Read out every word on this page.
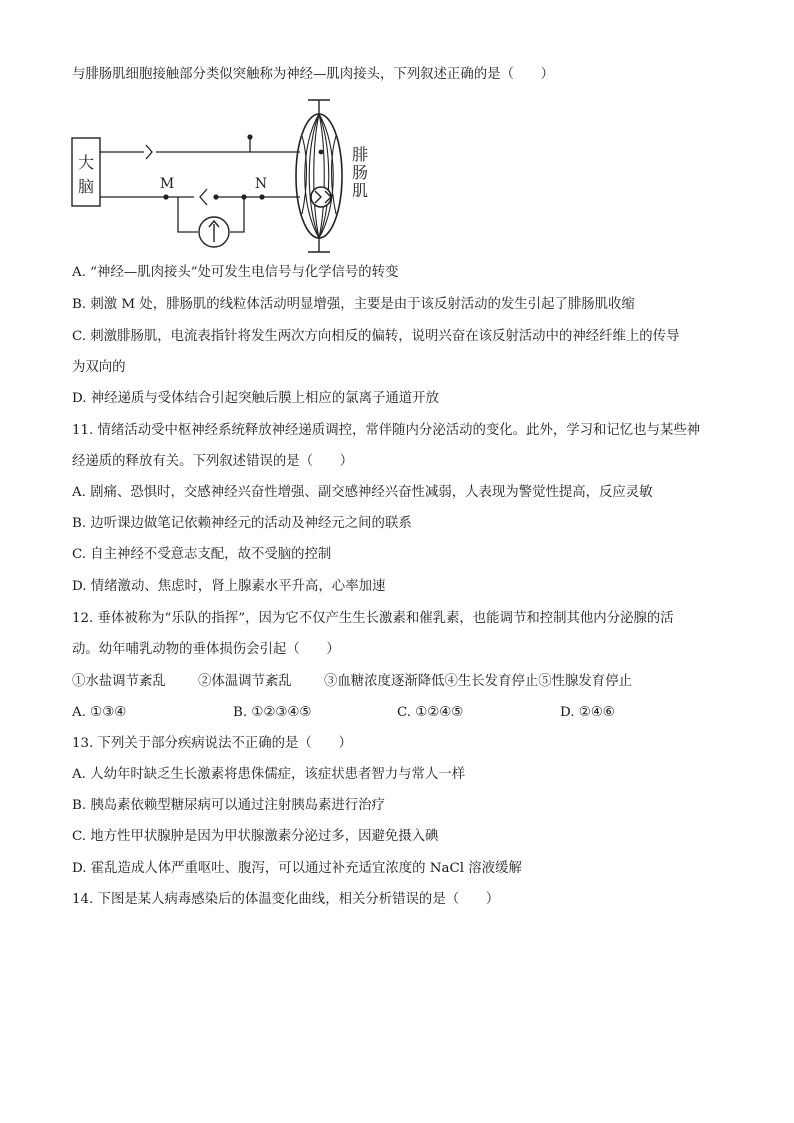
与腓肠肌细胞接触部分类似突触称为神经—肌肉接头，下列叙述正确的是（　　）
大
脑	M	N
腓
肠
肌
A. “神经—肌肉接头”处可发生电信号与化学信号的转变
B. 刺激 M 处，腓肠肌的线粒体活动明显增强，主要是由于该反射活动的发生引起了腓肠肌收缩
C. 刺激腓肠肌，电流表指针将发生两次方向相反的偏转，说明兴奋在该反射活动中的神经纤维上的传导
为双向的
D. 神经递质与受体结合引起突触后膜上相应的氯离子通道开放
11. 情绪活动受中枢神经系统释放神经递质调控，常伴随内分泌活动的变化。此外，学习和记忆也与某些神
经递质的释放有关。下列叙述错误的是（　　）
A. 剧痛、恐惧时，交感神经兴奋性增强、副交感神经兴奋性减弱，人表现为警觉性提高，反应灵敏
B. 边听课边做笔记依赖神经元的活动及神经元之间的联系
C. 自主神经不受意志支配，故不受脑的控制
D. 情绪激动、焦虑时，肾上腺素水平升高，心率加速
12. 垂体被称为“乐队的指挥”，因为它不仅产生生长激素和催乳素，也能调节和控制其他内分泌腺的活
动。幼年哺乳动物的垂体损伤会引起（　　）
①水盐调节紊乱 ②体温调节紊乱 ③血糖浓度逐渐降低④生长发育停止⑤性腺发育停止
A. ①③④	B. ①②③④⑤	C. ①②④⑤	D. ②④⑥
13. 下列关于部分疾病说法不正确的是（　　）
A. 人幼年时缺乏生长激素将患侏儒症，该症状患者智力与常人一样
B. 胰岛素依赖型糖尿病可以通过注射胰岛素进行治疗
C. 地方性甲状腺肿是因为甲状腺激素分泌过多，因避免摄入碘
D. 霍乱造成人体严重呕吐、腹泻，可以通过补充适宜浓度的 NaCl 溶液缓解
14. 下图是某人病毒感染后的体温变化曲线，相关分析错误的是（　　）
